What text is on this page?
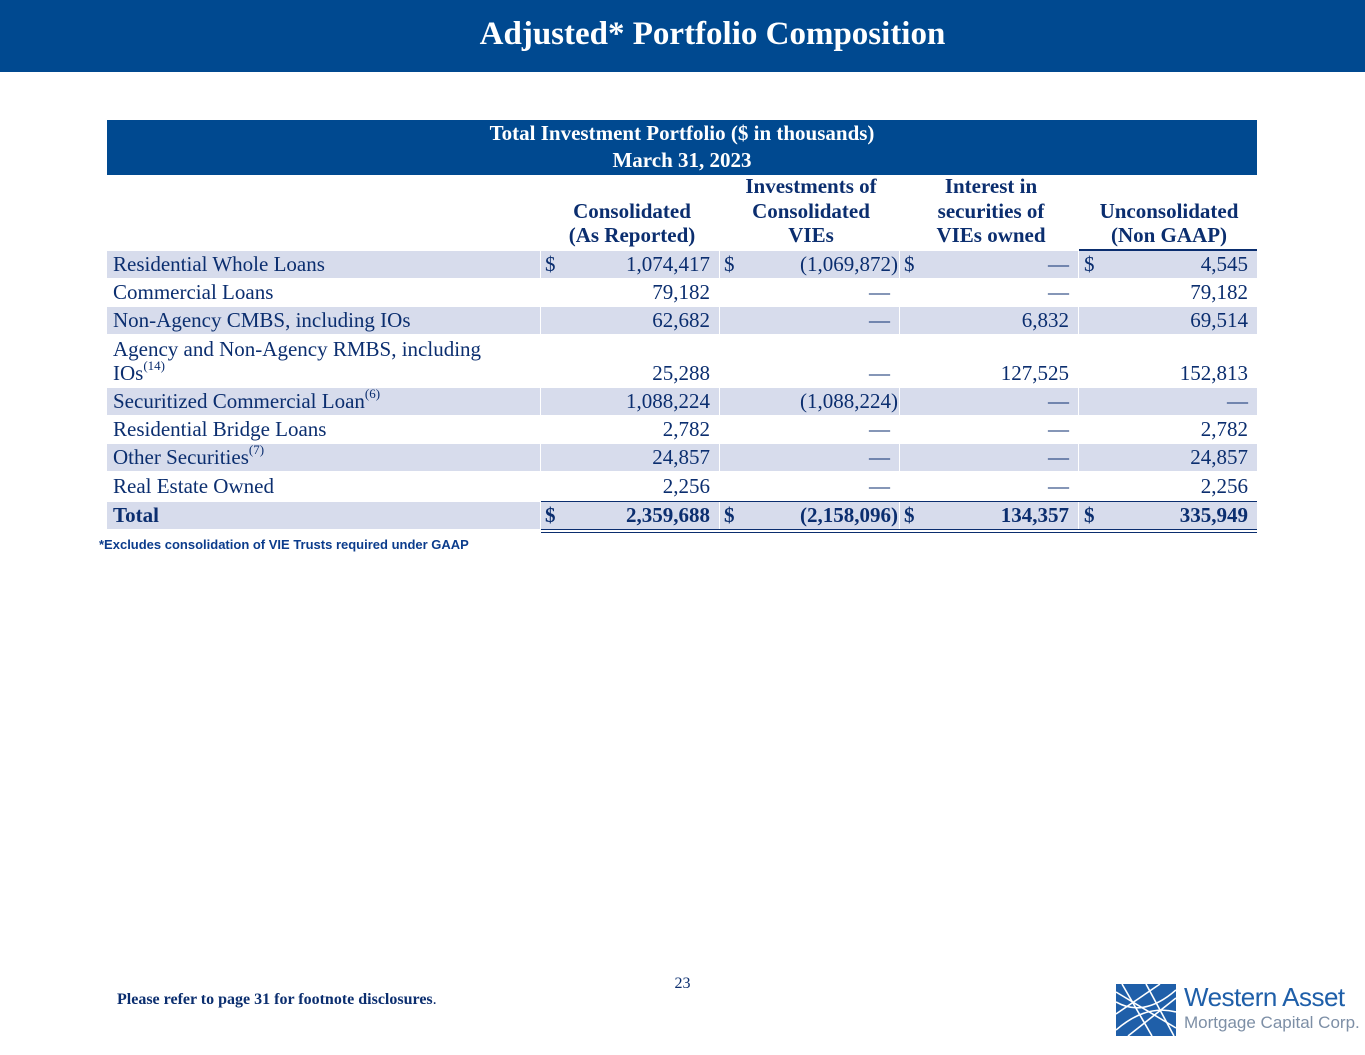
Adjusted* Portfolio Composition
Total Investment Portfolio ($ in thousands)
March 31, 2023
Consolidated
(As Reported)
Investments of
Consolidated
VIEs
Interest in
securities of
VIEs owned
Unconsolidated
(Non GAAP)
Residential Whole Loans	$	1,074,417 $	(1,069,872) $	— $	4,545
Commercial Loans	79,182	—	—	79,182
Non-Agency CMBS, including IOs	62,682	—	6,832	69,514
Agency and Non-Agency RMBS, including
IOs$^{(14)}$	25,288	—	127,525	152,813
Securitized Commercial Loan$^{(6)}$	1,088,224	(1,088,224)	—	—
Residential Bridge Loans	2,782	—	—	2,782
Other Securities$^{(7)}$	24,857	—	—	24,857
Real Estate Owned	2,256	—	—	2,256
Total	$	2,359,688 $	(2,158,096) $	134,357 $	335,949
*Excludes consolidation of VIE Trusts required under GAAP
23
Please refer to page 31 for footnote disclosures.	Western Asset
Mortgage Capital Corp.
